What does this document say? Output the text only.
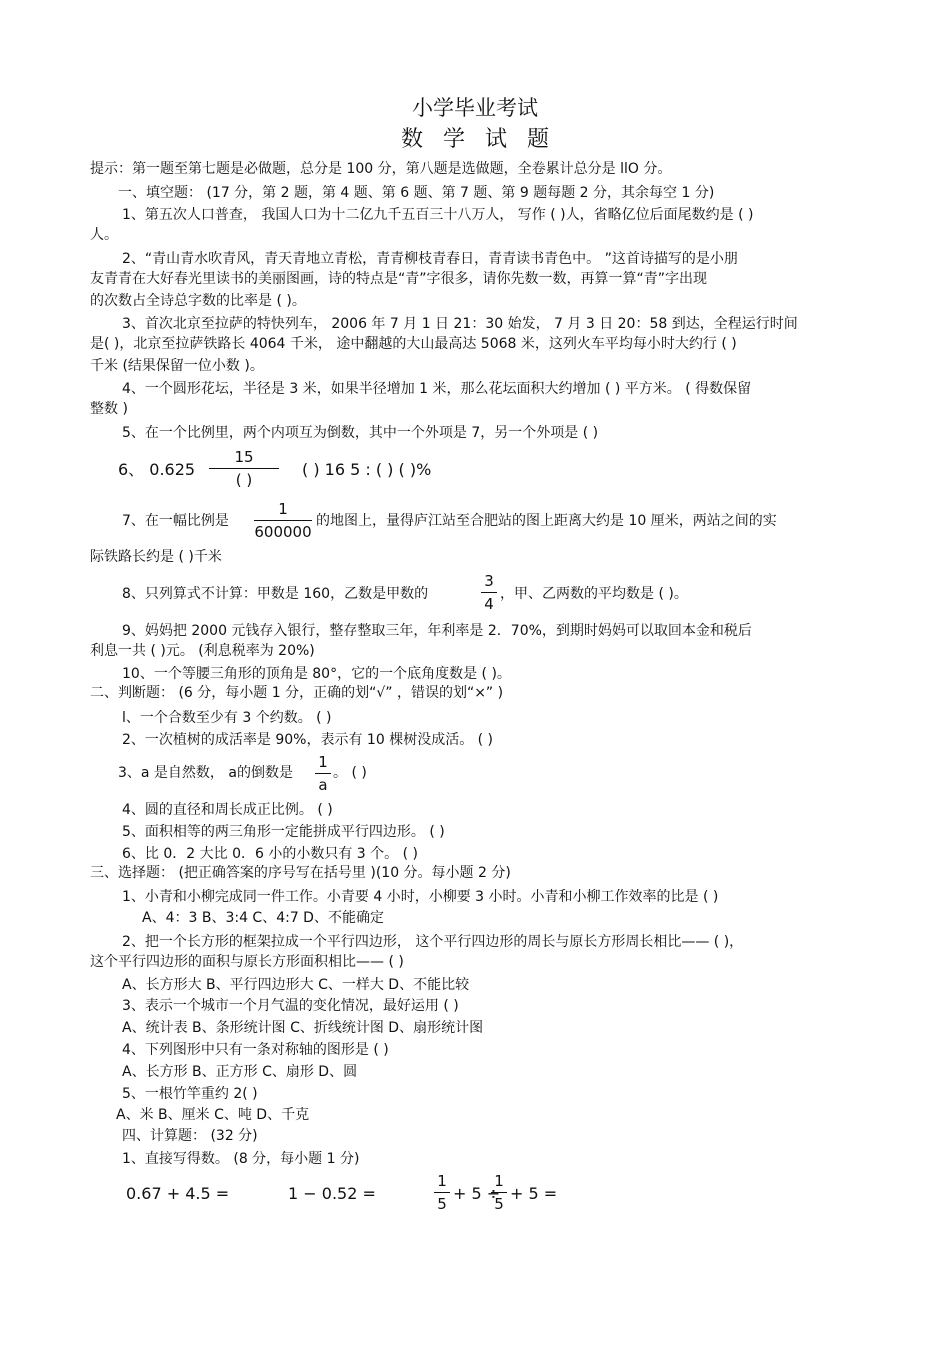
小学毕业考试
数学试题
提示：第一题至第七题是必做题，总分是 100 分，第八题是选做题，全卷累计总分是 llO 分。
一、填空题： (17 分，第 2 题，第 4 题、第 6 题、第 7 题、第 9 题每题 2 分，其余每空 1 分)
1、第五次人口普查， 我国人口为十二亿九千五百三十八万人， 写作 ( )人，省略亿位后面尾数约是 ( )
人。
2、“青山青水吹青风，青天青地立青松，青青柳枝青春日，青青读书青色中。 ”这首诗描写的是小朋
友青青在大好春光里读书的美丽图画，诗的特点是“青”字很多，请你先数一数，再算一算“青”字出现
的次数占全诗总字数的比率是 ( )。
3、首次北京至拉萨的特快列车， 2006 年 7 月 1 日 21：30 始发， 7 月 3 日 20：58 到达，全程运行时间
是( )，北京至拉萨铁路长 4064 千米， 途中翻越的大山最高达 5068 米，这列火车平均每小时大约行 ( )
千米 (结果保留一位小数 )。
4、一个圆形花坛，半径是 3 米，如果半径增加 1 米，那么花坛面积大约增加 ( ) 平方米。 ( 得数保留
整数 )
5、在一个比例里，两个内项互为倒数，其中一个外项是 7，另一个外项是 ( )
6、 0.625
15
( )
( ) 16 5 : ( ) ( )%
7、在一幅比例是
1
600000
的地图上，量得庐江站至合肥站的图上距离大约是 10 厘米，两站之间的实
际铁路长约是 ( )千米
8、只列算式不计算：甲数是 160，乙数是甲数的
3
4
，甲、乙两数的平均数是 ( )。
9、妈妈把 2000 元钱存入银行，整存整取三年，年利率是 2．70%，到期时妈妈可以取回本金和税后
利息一共 ( )元。 (利息税率为 20%)
10、一个等腰三角形的顶角是 80°，它的一个底角度数是 ( )。
二、判断题： (6 分，每小题 1 分，正确的划“√” ，错误的划“×” )
l、一个合数至少有 3 个约数。 ( )
2、一次植树的成活率是 90%，表示有 10 棵树没成活。 ( )
3、a 是自然数， a的倒数是
1
a
。 ( )
4、圆的直径和周长成正比例。 ( )
5、面积相等的两三角形一定能拼成平行四边形。 ( )
6、比 0．2 大比 0．6 小的小数只有 3 个。 ( )
三、选择题： (把正确答案的序号写在括号里 )(10 分。每小题 2 分)
1、小青和小柳完成同一件工作。小青要 4 小时，小柳要 3 小时。小青和小柳工作效率的比是 ( )
A、4：3 B、3:4 C、4:7 D、不能确定
2、把一个长方形的框架拉成一个平行四边形， 这个平行四边形的周长与原长方形周长相比—— ( )，
这个平行四边形的面积与原长方形面积相比—— ( )
A、长方形大 B、平行四边形大 C、一样大 D、不能比较
3、表示一个城市一个月气温的变化情况，最好运用 ( )
A、统计表 B、条形统计图 C、折线统计图 D、扇形统计图
4、下列图形中只有一条对称轴的图形是 ( )
A、长方形 B、正方形 C、扇形 D、圆
5、一根竹竿重约 2( )
A、米 B、厘米 C、吨 D、千克
四、计算题： (32 分)
1、直接写得数。 (8 分，每小题 1 分)
0.67 + 4.5 =	1 − 0.52 =
1
5
+ 5 ÷
1
5
+ 5 =
